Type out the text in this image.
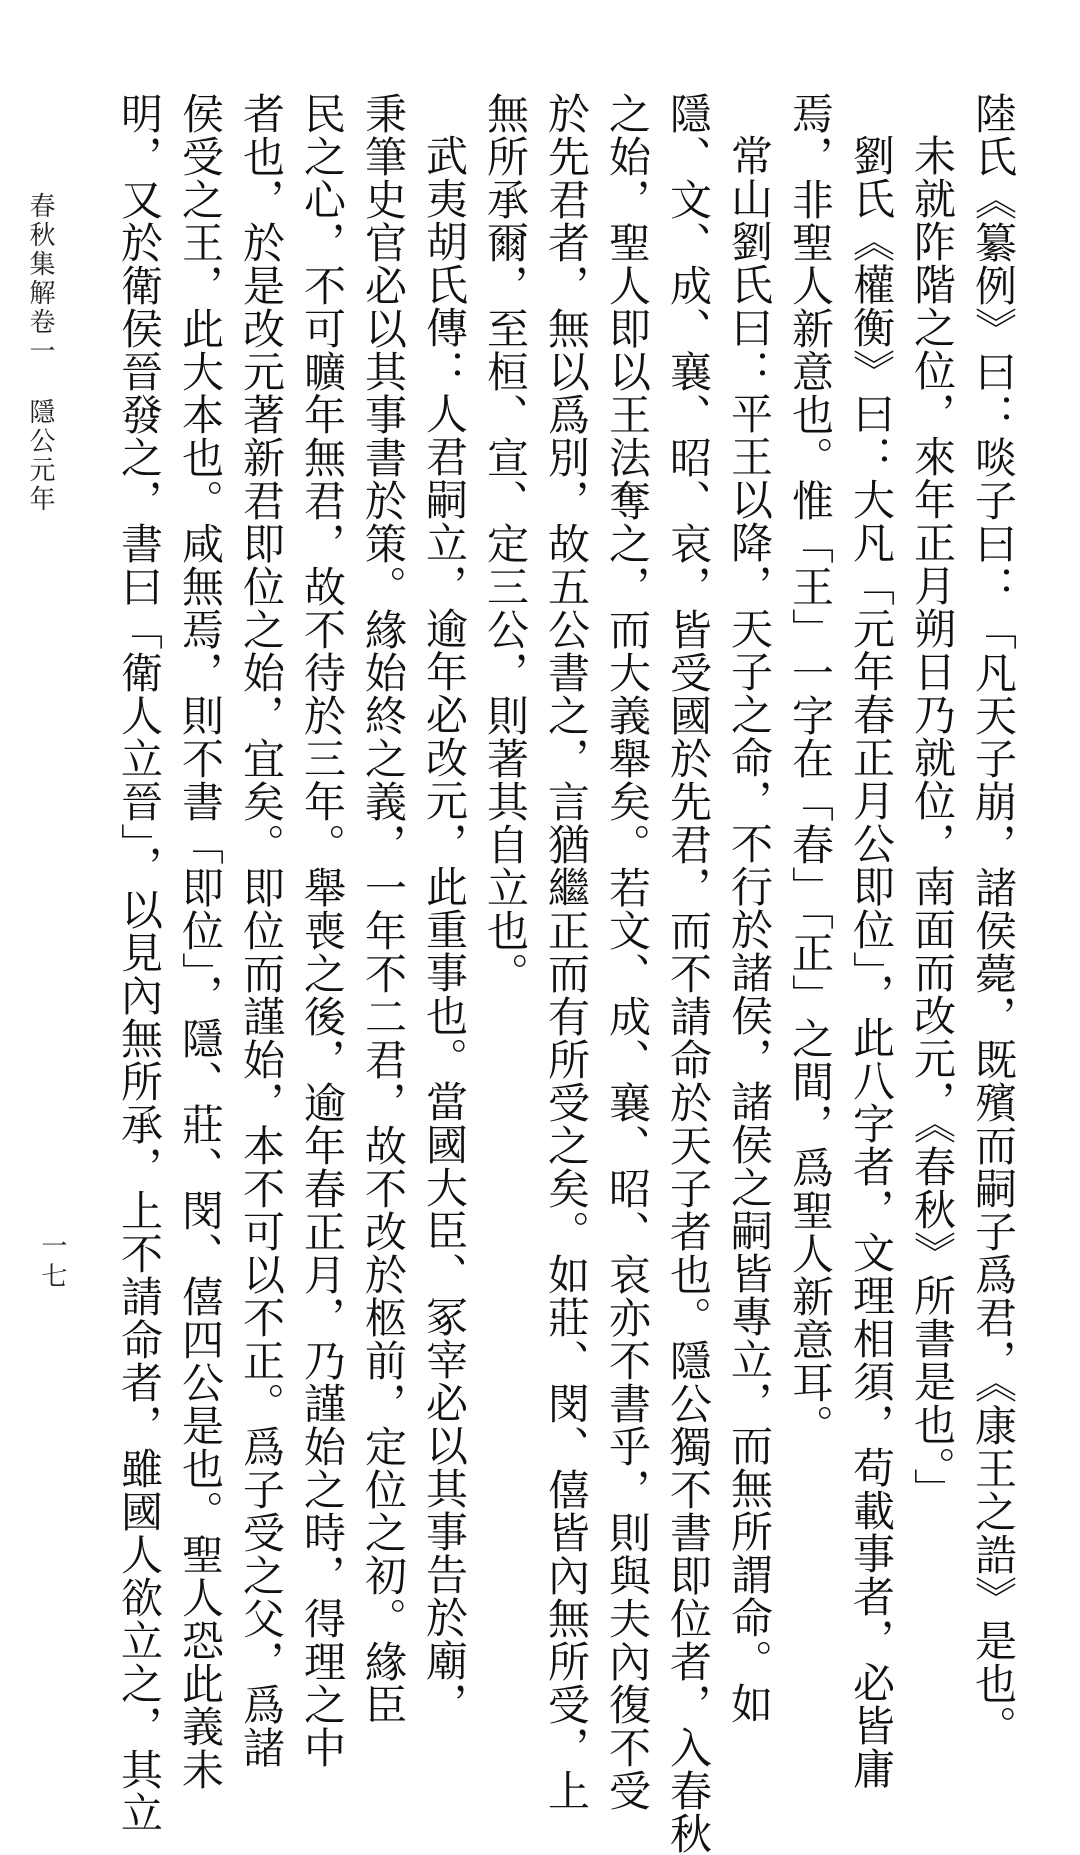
陸氏《纂例》曰：啖子曰：「凡天子崩，諸侯薨，既殯而嗣子爲君，《康王之誥》是也。

未就阼階之位，來年正月朔日乃就位，南面而改元，《春秋》所書是也。」

劉氏《權衡》曰：大凡「元年春正月公即位」，此八字者，文理相須，苟載事者，必皆庸

焉，非聖人新意也。惟「王」一字在「春」「正」之間，爲聖人新意耳。

常山劉氏曰：平王以降，天子之命，不行於諸侯，諸侯之嗣皆專立，而無所謂命。如

隱、文、成、襄、昭、哀，皆受國於先君，而不請命於天子者也。隱公獨不書即位者，入春秋

之始，聖人即以王法奪之，而大義舉矣。若文、成、襄、昭、哀亦不書乎，則與夫內復不受

於先君者，無以爲別，故五公書之，言猶繼正而有所受之矣。如莊、閔、僖皆內無所受，上

無所承爾，至桓、宣、定三公，則著其自立也。

武夷胡氏傳：人君嗣立，逾年必改元，此重事也。當國大臣、冢宰必以其事告於廟，

秉筆史官必以其事書於策。緣始終之義，一年不二君，故不改於柩前，定位之初。緣臣

民之心，不可曠年無君，故不待於三年。舉喪之後，逾年春正月，乃謹始之時，得理之中

者也，於是改元著新君即位之始，宜矣。即位而謹始，本不可以不正。爲子受之父，爲諸

侯受之王，此大本也。咸無焉，則不書「即位」，隱、莊、閔、僖四公是也。聖人恐此義未

明，又於衛侯晉發之，書曰「衛人立晉」，以見內無所承，上不請命者，雖國人欲立之，其立

春秋集解卷一隱公元年
一七
